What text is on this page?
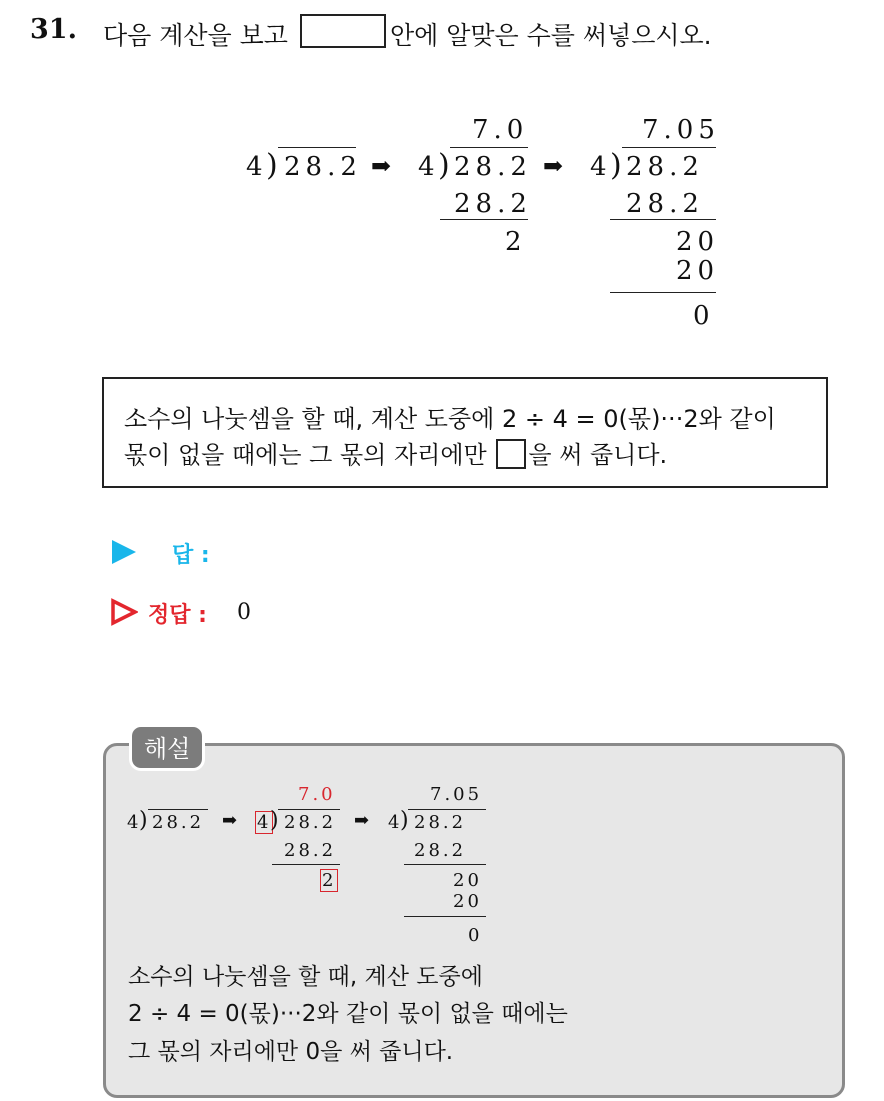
31. 다음 계산을 보고	안에 알맞은 수를 써넣으시오.
4
) 28.2 ➡
7.0
4
) 28.2
28.2
2
➡
7.05
4
) 28.2
28.2
20
20
0
소수의 나눗셈을 할 때, 계산 도중에 2 ÷ 4 = 0(몫)···2와 같이
몫이 없을 때에는 그 몫의 자리에만 을 써 줍니다.
답 :
정답 : 0
해설
4
) 28.2 ➡
7.0
4
) 28.2
28.2
2
➡
7.05
4
) 28.2
28.2
20
20
0
소수의 나눗셈을 할 때, 계산 도중에
2 ÷ 4 = 0(몫)···2와 같이 몫이 없을 때에는
그 몫의 자리에만 0을 써 줍니다.
